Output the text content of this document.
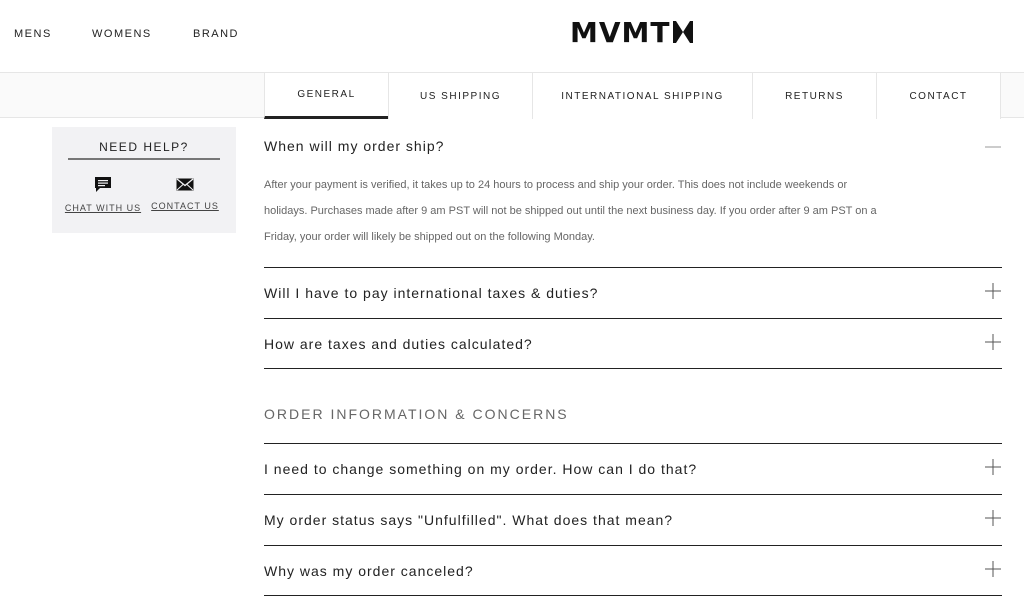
MENS	WOMENS	BRAND	MVMT
GENERAL	US SHIPPING	INTERNATIONAL SHIPPING	RETURNS	CONTACT
NEED HELP?
CHAT WITH US	CONTACT US
When will my order ship?
After your payment is verified, it takes up to 24 hours to process and ship your order. This does not include weekends or holidays. Purchases made after 9 am PST will not be shipped out until the next business day. If you order after 9 am PST on a Friday, your order will likely be shipped out on the following Monday.
Will I have to pay international taxes & duties?
How are taxes and duties calculated?
ORDER INFORMATION & CONCERNS
I need to change something on my order. How can I do that?
My order status says "Unfulfilled". What does that mean?
Why was my order canceled?
